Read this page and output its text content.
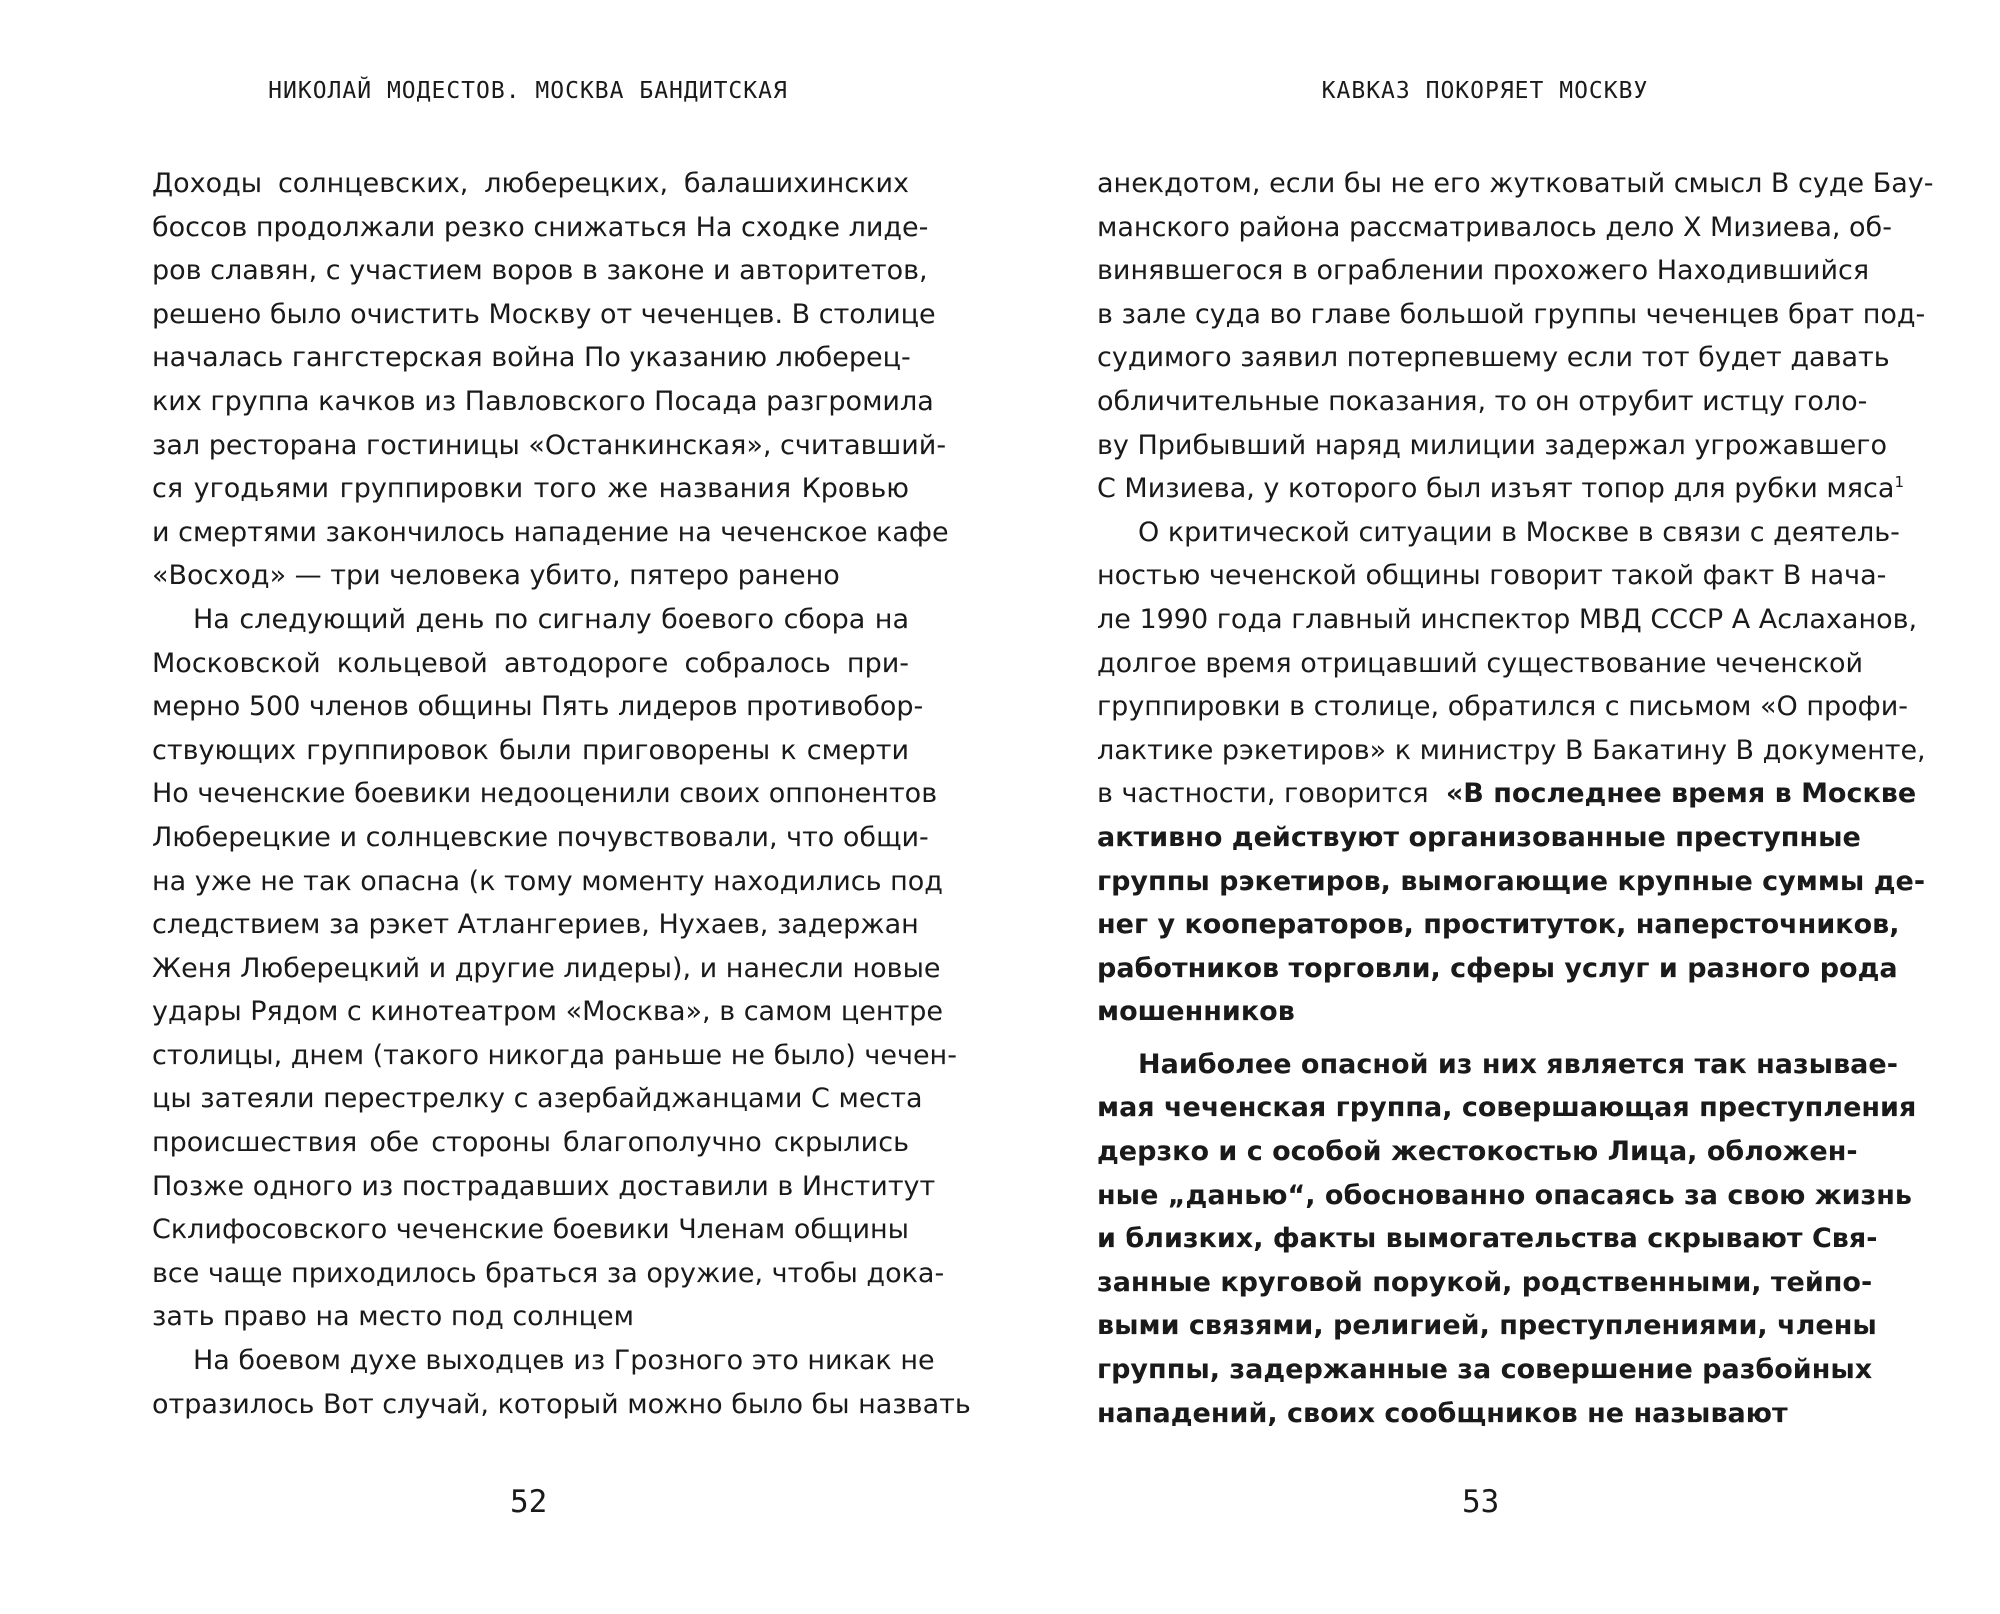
НИКОЛАЙ МОДЕСТОВ. МОСКВА БАНДИТСКАЯ
Доходы солнцевских, люберецких, балашихинских
боссов продолжали резко снижаться На сходке лиде-
ров славян, с участием воров в законе и авторитетов,
решено было очистить Москву от чеченцев. В столице
началась гангстерская война По указанию люберец-
ких группа качков из Павловского Посада разгромила
зал ресторана гостиницы «Останкинская», считавший-
ся угодьями группировки того же названия Кровью
и смертями закончилось нападение на чеченское кафе
«Восход» — три человека убито, пятеро ранено
На следующий день по сигналу боевого сбора на
Московской кольцевой автодороге собралось при-
мерно 500 членов общины Пять лидеров противобор-
ствующих группировок были приговорены к смерти
Но чеченские боевики недооценили своих оппонентов
Люберецкие и солнцевские почувствовали, что общи-
на уже не так опасна (к тому моменту находились под
следствием за рэкет Атлангериев, Нухаев, задержан
Женя Люберецкий и другие лидеры), и нанесли новые
удары Рядом с кинотеатром «Москва», в самом центре
столицы, днем (такого никогда раньше не было) чечен-
цы затеяли перестрелку с азербайджанцами С места
происшествия обе стороны благополучно скрылись
Позже одного из пострадавших доставили в Институт
Склифосовского чеченские боевики Членам общины
все чаще приходилось браться за оружие, чтобы дока-
зать право на место под солнцем
На боевом духе выходцев из Грозного это никак не
отразилось Вот случай, который можно было бы назвать
52
КАВКАЗ ПОКОРЯЕТ МОСКВУ
анекдотом, если бы не его жутковатый смысл В суде Бау-
манского района рассматривалось дело Х Мизиева, об-
винявшегося в ограблении прохожего Находившийся
в зале суда во главе большой группы чеченцев брат под-
судимого заявил потерпевшему если тот будет давать
обличительные показания, то он отрубит истцу голо-
ву Прибывший наряд милиции задержал угрожавшего
С Мизиева, у которого был изъят топор для рубки мяса$^1$
О критической ситуации в Москве в связи с деятель-
ностью чеченской общины говорит такой факт В нача-
ле 1990 года главный инспектор МВД СССР А Аслаханов,
долгое время отрицавший существование чеченской
группировки в столице, обратился с письмом «О профи-
лактике рэкетиров» к министру В Бакатину В документе,
в частности, говорится «В последнее время в Москве
активно действуют организованные преступные
группы рэкетиров, вымогающие крупные суммы де-
нег у кооператоров, проституток, наперсточников,
работников торговли, сферы услуг и разного рода
мошенников
Наиболее опасной из них является так называе-
мая чеченская группа, совершающая преступления
дерзко и с особой жестокостью Лица, обложен-
ные „данью“, обоснованно опасаясь за свою жизнь
и близких, факты вымогательства скрывают Свя-
занные круговой порукой, родственными, тейпо-
выми связями, религией, преступлениями, члены
группы, задержанные за совершение разбойных
нападений, своих сообщников не называют
53
